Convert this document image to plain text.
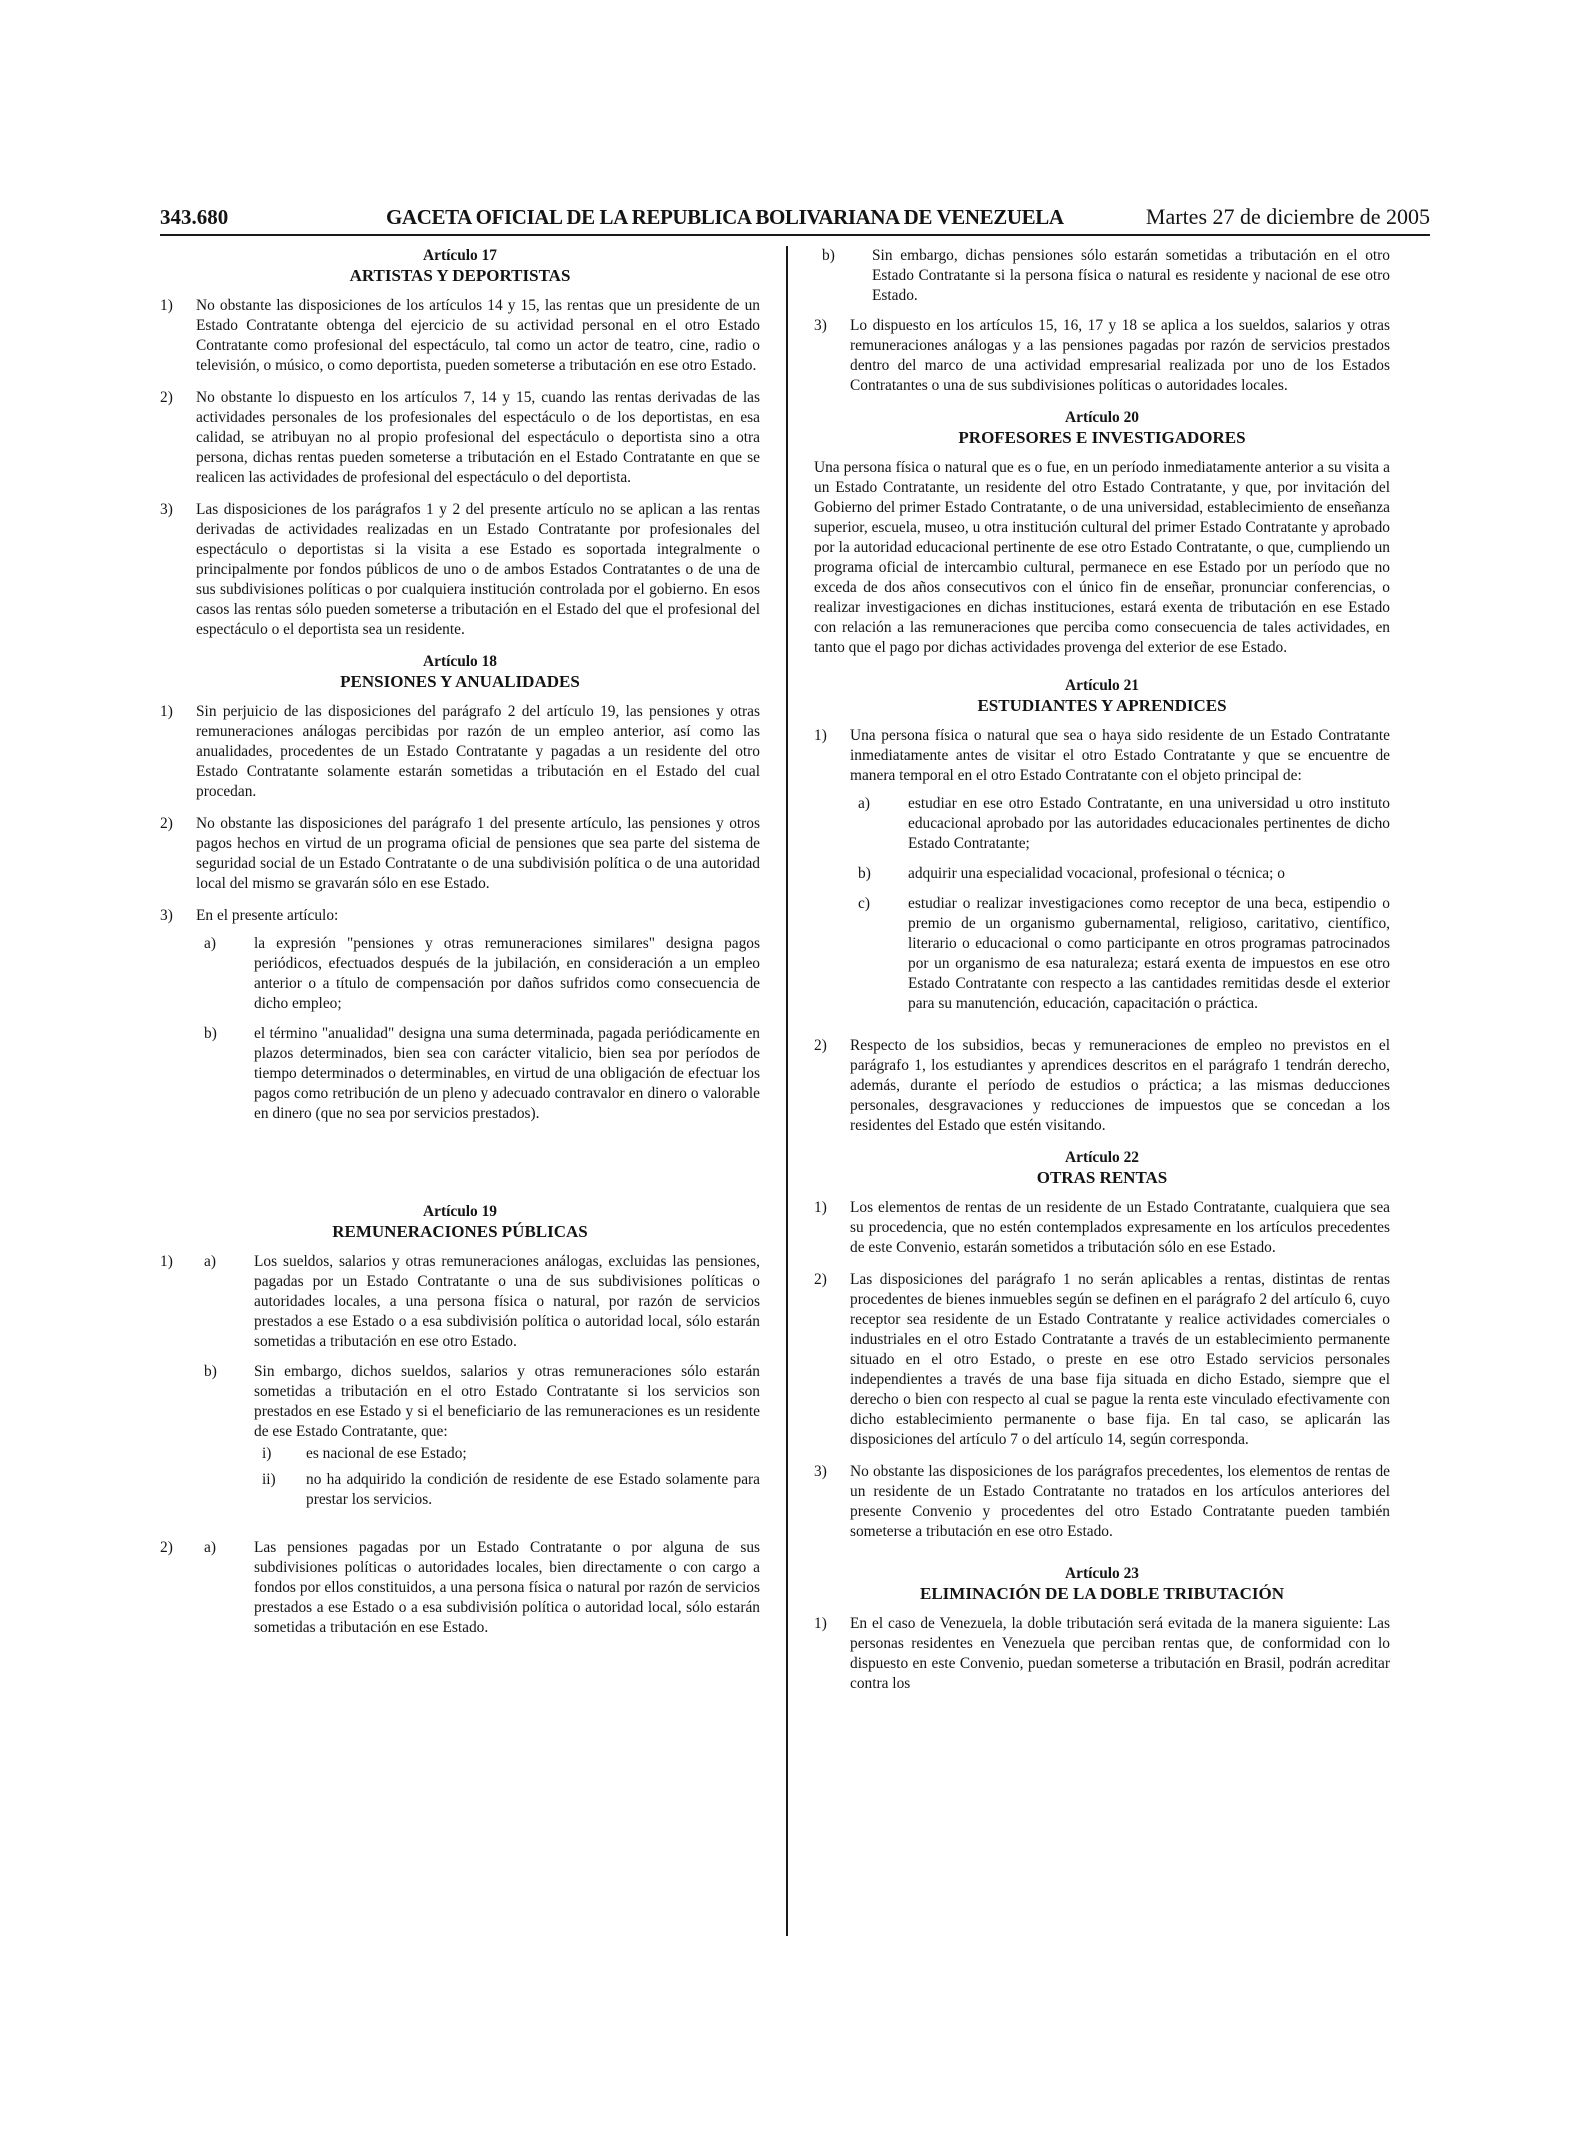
343.680	GACETA OFICIAL DE LA REPUBLICA BOLIVARIANA DE VENEZUELA	Martes 27 de diciembre de 2005
Artículo 17
ARTISTAS Y DEPORTISTAS
1)	No obstante las disposiciones de los artículos 14 y 15, las rentas que un presidente de un Estado Contratante obtenga del ejercicio de su actividad personal en el otro Estado Contratante como profesional del espectáculo, tal como un actor de teatro, cine, radio o televisión, o músico, o como deportista, pueden someterse a tributación en ese otro Estado.
2)	No obstante lo dispuesto en los artículos 7, 14 y 15, cuando las rentas derivadas de las actividades personales de los profesionales del espectáculo o de los deportistas, en esa calidad, se atribuyan no al propio profesional del espectáculo o deportista sino a otra persona, dichas rentas pueden someterse a tributación en el Estado Contratante en que se realicen las actividades de profesional del espectáculo o del deportista.
3)	Las disposiciones de los parágrafos 1 y 2 del presente artículo no se aplican a las rentas derivadas de actividades realizadas en un Estado Contratante por profesionales del espectáculo o deportistas si la visita a ese Estado es soportada integralmente o principalmente por fondos públicos de uno o de ambos Estados Contratantes o de una de sus subdivisiones políticas o por cualquiera institución controlada por el gobierno. En esos casos las rentas sólo pueden someterse a tributación en el Estado del que el profesional del espectáculo o el deportista sea un residente.
Artículo 18
PENSIONES Y ANUALIDADES
1)	Sin perjuicio de las disposiciones del parágrafo 2 del artículo 19, las pensiones y otras remuneraciones análogas percibidas por razón de un empleo anterior, así como las anualidades, procedentes de un Estado Contratante y pagadas a un residente del otro Estado Contratante solamente estarán sometidas a tributación en el Estado del cual procedan.
2)	No obstante las disposiciones del parágrafo 1 del presente artículo, las pensiones y otros pagos hechos en virtud de un programa oficial de pensiones que sea parte del sistema de seguridad social de un Estado Contratante o de una subdivisión política o de una autoridad local del mismo se gravarán sólo en ese Estado.
3)	En el presente artículo:
a)	la expresión "pensiones y otras remuneraciones similares" designa pagos periódicos, efectuados después de la jubilación, en consideración a un empleo anterior o a título de compensación por daños sufridos como consecuencia de dicho empleo;
b)	el término "anualidad" designa una suma determinada, pagada periódicamente en plazos determinados, bien sea con carácter vitalicio, bien sea por períodos de tiempo determinados o determinables, en virtud de una obligación de efectuar los pagos como retribución de un pleno y adecuado contravalor en dinero o valorable en dinero (que no sea por servicios prestados).
Artículo 19
REMUNERACIONES PÚBLICAS
1)	a)	Los sueldos, salarios y otras remuneraciones análogas, excluidas las pensiones, pagadas por un Estado Contratante o una de sus subdivisiones políticas o autoridades locales, a una persona física o natural, por razón de servicios prestados a ese Estado o a esa subdivisión política o autoridad local, sólo estarán sometidas a tributación en ese otro Estado.
b)	Sin embargo, dichos sueldos, salarios y otras remuneraciones sólo estarán sometidas a tributación en el otro Estado Contratante si los servicios son prestados en ese Estado y si el beneficiario de las remuneraciones es un residente de ese Estado Contratante, que:
i)	es nacional de ese Estado;
ii)	no ha adquirido la condición de residente de ese Estado solamente para prestar los servicios.
2)	a)	Las pensiones pagadas por un Estado Contratante o por alguna de sus subdivisiones políticas o autoridades locales, bien directamente o con cargo a fondos por ellos constituidos, a una persona física o natural por razón de servicios prestados a ese Estado o a esa subdivisión política o autoridad local, sólo estarán sometidas a tributación en ese Estado.
b)	Sin embargo, dichas pensiones sólo estarán sometidas a tributación en el otro Estado Contratante si la persona física o natural es residente y nacional de ese otro Estado.
3)	Lo dispuesto en los artículos 15, 16, 17 y 18 se aplica a los sueldos, salarios y otras remuneraciones análogas y a las pensiones pagadas por razón de servicios prestados dentro del marco de una actividad empresarial realizada por uno de los Estados Contratantes o una de sus subdivisiones políticas o autoridades locales.
Artículo 20
PROFESORES E INVESTIGADORES
Una persona física o natural que es o fue, en un período inmediatamente anterior a su visita a un Estado Contratante, un residente del otro Estado Contratante, y que, por invitación del Gobierno del primer Estado Contratante, o de una universidad, establecimiento de enseñanza superior, escuela, museo, u otra institución cultural del primer Estado Contratante y aprobado por la autoridad educacional pertinente de ese otro Estado Contratante, o que, cumpliendo un programa oficial de intercambio cultural, permanece en ese Estado por un período que no exceda de dos años consecutivos con el único fin de enseñar, pronunciar conferencias, o realizar investigaciones en dichas instituciones, estará exenta de tributación en ese Estado con relación a las remuneraciones que perciba como consecuencia de tales actividades, en tanto que el pago por dichas actividades provenga del exterior de ese Estado.
Artículo 21
ESTUDIANTES Y APRENDICES
1)	Una persona física o natural que sea o haya sido residente de un Estado Contratante inmediatamente antes de visitar el otro Estado Contratante y que se encuentre de manera temporal en el otro Estado Contratante con el objeto principal de:
a)	estudiar en ese otro Estado Contratante, en una universidad u otro instituto educacional aprobado por las autoridades educacionales pertinentes de dicho Estado Contratante;
b)	adquirir una especialidad vocacional, profesional o técnica; o
c)	estudiar o realizar investigaciones como receptor de una beca, estipendio o premio de un organismo gubernamental, religioso, caritativo, científico, literario o educacional o como participante en otros programas patrocinados por un organismo de esa naturaleza; estará exenta de impuestos en ese otro Estado Contratante con respecto a las cantidades remitidas desde el exterior para su manutención, educación, capacitación o práctica.
2)	Respecto de los subsidios, becas y remuneraciones de empleo no previstos en el parágrafo 1, los estudiantes y aprendices descritos en el parágrafo 1 tendrán derecho, además, durante el período de estudios o práctica; a las mismas deducciones personales, desgravaciones y reducciones de impuestos que se concedan a los residentes del Estado que estén visitando.
Artículo 22
OTRAS RENTAS
1)	Los elementos de rentas de un residente de un Estado Contratante, cualquiera que sea su procedencia, que no estén contemplados expresamente en los artículos precedentes de este Convenio, estarán sometidos a tributación sólo en ese Estado.
2)	Las disposiciones del parágrafo 1 no serán aplicables a rentas, distintas de rentas procedentes de bienes inmuebles según se definen en el parágrafo 2 del artículo 6, cuyo receptor sea residente de un Estado Contratante y realice actividades comerciales o industriales en el otro Estado Contratante a través de un establecimiento permanente situado en el otro Estado, o preste en ese otro Estado servicios personales independientes a través de una base fija situada en dicho Estado, siempre que el derecho o bien con respecto al cual se pague la renta este vinculado efectivamente con dicho establecimiento permanente o base fija. En tal caso, se aplicarán las disposiciones del artículo 7 o del artículo 14, según corresponda.
3)	No obstante las disposiciones de los parágrafos precedentes, los elementos de rentas de un residente de un Estado Contratante no tratados en los artículos anteriores del presente Convenio y procedentes del otro Estado Contratante pueden también someterse a tributación en ese otro Estado.
Artículo 23
ELIMINACIÓN DE LA DOBLE TRIBUTACIÓN
1)	En el caso de Venezuela, la doble tributación será evitada de la manera siguiente: Las personas residentes en Venezuela que perciban rentas que, de conformidad con lo dispuesto en este Convenio, puedan someterse a tributación en Brasil, podrán acreditar contra los
